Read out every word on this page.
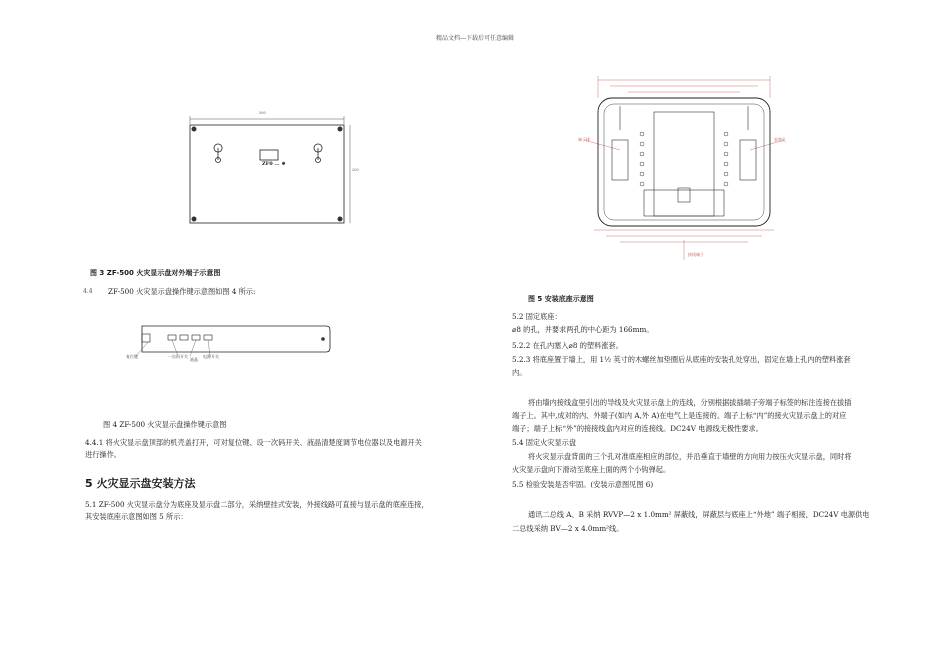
精品文档---下载后可任意编辑
300
200
ZF0 ... ⊕
图 3 ZF-500 火灾显示盘对外端子示意图
4.4 ZF-500 火灾显示盘操作键示意图如图 4 所示:
复位键	一次码开关
液晶
电源开关
图 4 ZF-500 火灾显示盘操作键示意图
4.4.1 将火灾显示盘顶部的机壳盖打开，可对复位键、设一次码开关、液晶清楚度调节电位器以及电源开关
进行操作。
5 火灾显示盘安装方法
5.1 ZF-500 火灾显示盘分为底座及显示盘二部分，采纳壁挂式安装，外接线路可直接与显示盘的底座连接，
其安装底座示意图如图 5 所示：
端子排	安装孔
接线端子
图 5 安装底座示意图
5.2 固定底座：
⌀8 的孔，并要求两孔的中心距为 166mm。
5.2.2 在孔内塞入⌀8 的塑料涨套。
5.2.3 将底座置于墙上，用 1½ 英寸的木螺丝加垫圈后从底座的安装孔处穿出，固定在墙上孔内的塑料涨套
内。
将由墙内接线盒里引出的导线及火灾显示盘上的连线，分别根据拔插端子旁端子标签的标注连接在拔插
端子上。其中,成对的内、外端子(如内 A,外 A)在电气上是连接的。端子上标“内”的接火灾显示盘上的对应
端子；端子上标“外”的接接线盒内对应的连接线。DC24V 电源线无极性要求。
5.4 固定火灾显示盘
将火灾显示盘背面的三个孔对准底座相应的部位，并沿垂直于墙壁的方向用力按压火灾显示盘，同时将
火灾显示盘向下滑动至底座上面的两个小钩弹起。
5.5 检验安装是否牢固。(安装示意图见图 6)
通讯二总线 A、B 采纳 RVVP—2 x 1.0mm² 屏蔽线，屏蔽层与底座上“外地” 端子相接，DC24V 电源供电
二总线采纳 BV—2 x 4.0mm²线。
